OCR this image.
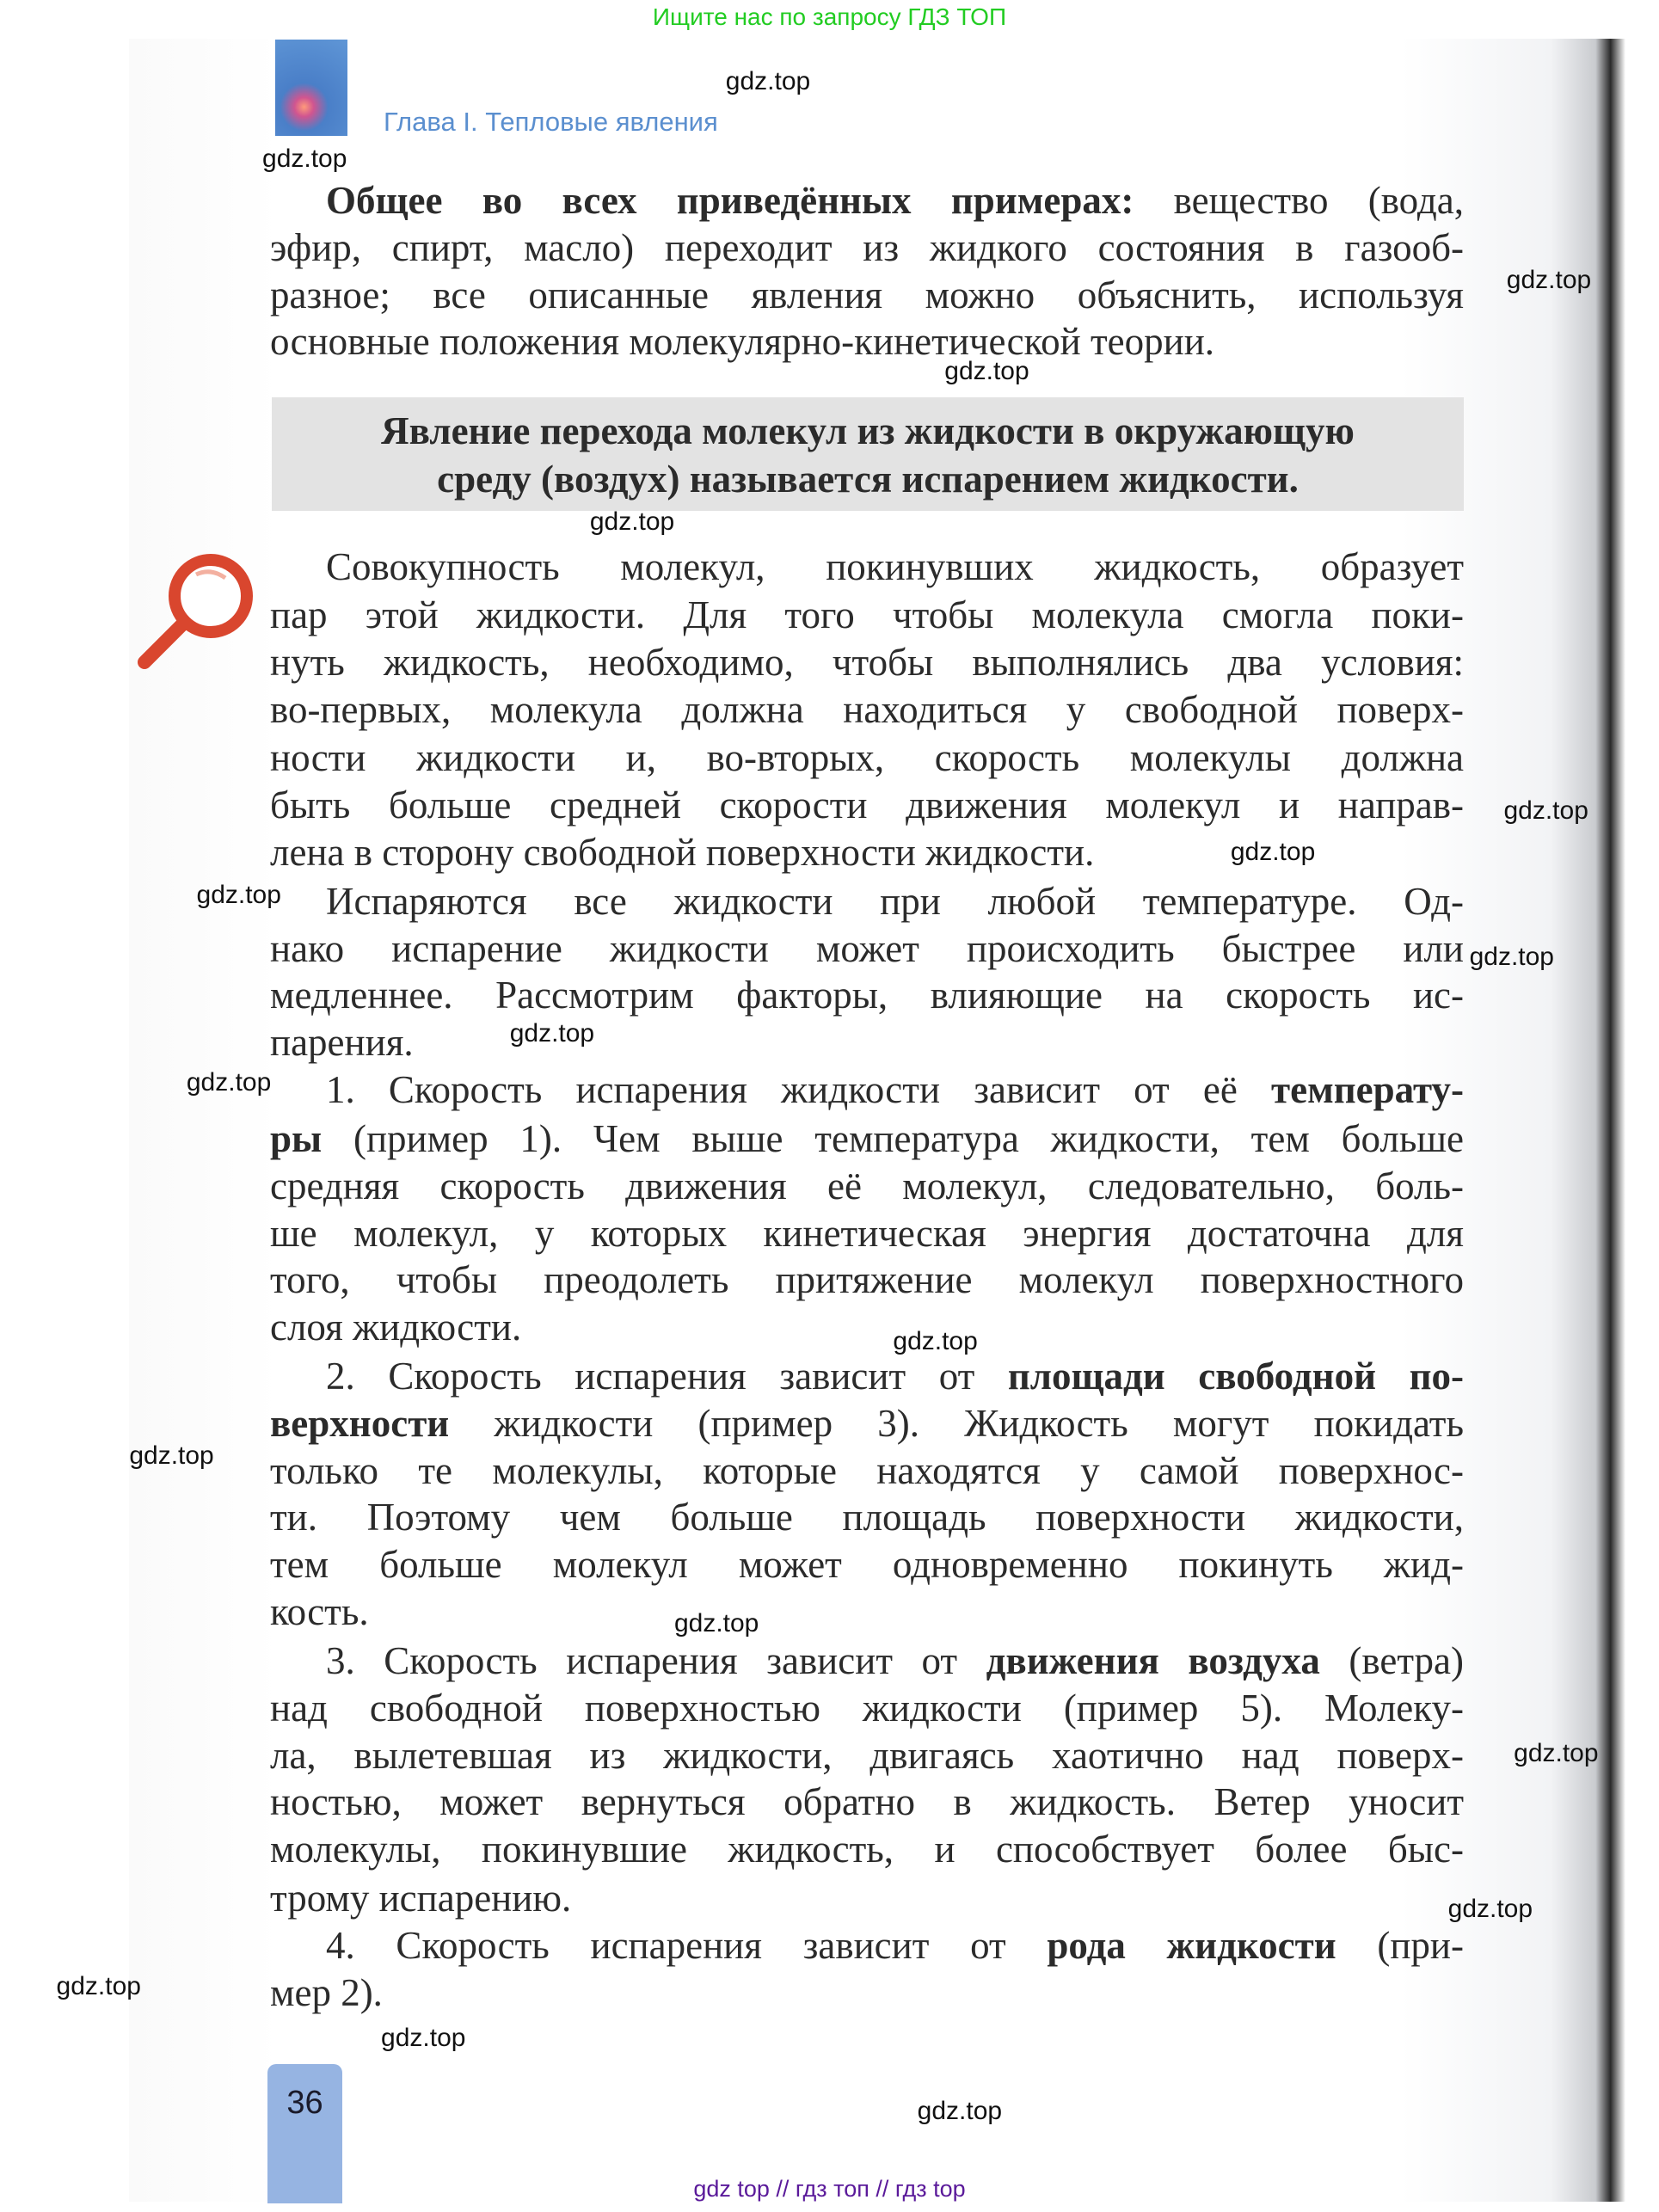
Ищите нас по запросу ГДЗ ТОП
Глава I. Тепловые явления
Общее во всех приведённых примерах: вещество (вода,
эфир, спирт, масло) переходит из жидкого состояния в газооб-
разное; все описанные явления можно объяснить, используя
основные положения молекулярно-кинетической теории.
Явление перехода молекул из жидкости в окружающую
среду (воздух) называется испарением жидкости.
Совокупность молекул, покинувших жидкость, образует
пар этой жидкости. Для того чтобы молекула смогла поки-
нуть жидкость, необходимо, чтобы выполнялись два условия:
во-первых, молекула должна находиться у свободной поверх-
ности жидкости и, во-вторых, скорость молекулы должна
быть больше средней скорости движения молекул и направ-
лена в сторону свободной поверхности жидкости.
Испаряются все жидкости при любой температуре. Од-
нако испарение жидкости может происходить быстрее или
медленнее. Рассмотрим факторы, влияющие на скорость ис-
парения.
1. Скорость испарения жидкости зависит от её температу-
ры (пример 1). Чем выше температура жидкости, тем больше
средняя скорость движения её молекул, следовательно, боль-
ше молекул, у которых кинетическая энергия достаточна для
того, чтобы преодолеть притяжение молекул поверхностного
слоя жидкости.
2. Скорость испарения зависит от площади свободной по-
верхности жидкости (пример 3). Жидкость могут покидать
только те молекулы, которые находятся у самой поверхнос-
ти. Поэтому чем больше площадь поверхности жидкости,
тем больше молекул может одновременно покинуть жид-
кость.
3. Скорость испарения зависит от движения воздуха (ветра)
над свободной поверхностью жидкости (пример 5). Молеку-
ла, вылетевшая из жидкости, двигаясь хаотично над поверх-
ностью, может вернуться обратно в жидкость. Ветер уносит
молекулы, покинувшие жидкость, и способствует более быс-
трому испарению.
4. Скорость испарения зависит от рода жидкости (при-
мер 2).
gdz.top
gdz.top
gdz.top
gdz.top
gdz.top
gdz.top
gdz.top
gdz.top
gdz.top
gdz.top
gdz.top
gdz.top
gdz.top
gdz.top
gdz.top
gdz.top
gdz.top
gdz.top
gdz.top
36
gdz top // гдз топ // гдз top
